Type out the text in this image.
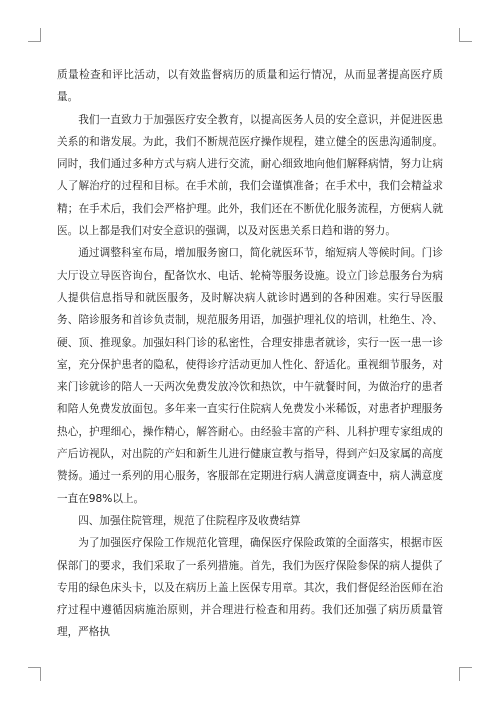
质量检查和评比活动，以有效监督病历的质量和运行情况，从而显著提高医疗质量。

我们一直致力于加强医疗安全教育，以提高医务人员的安全意识，并促进医患关系的和谐发展。为此，我们不断规范医疗操作规程，建立健全的医患沟通制度。同时，我们通过多种方式与病人进行交流，耐心细致地向他们解释病情，努力让病人了解治疗的过程和目标。在手术前，我们会谨慎准备；在手术中，我们会精益求精；在手术后，我们会严格护理。此外，我们还在不断优化服务流程，方便病人就医。以上都是我们对安全意识的强调，以及对医患关系日趋和谐的努力。

通过调整科室布局，增加服务窗口，简化就医环节，缩短病人等候时间。门诊大厅设立导医咨询台，配备饮水、电话、轮椅等服务设施。设立门诊总服务台为病人提供信息指导和就医服务，及时解决病人就诊时遇到的各种困难。实行导医服务、陪诊服务和首诊负责制，规范服务用语，加强护理礼仪的培训，杜绝生、冷、硬、顶、推现象。加强妇科门诊的私密性，合理安排患者就诊，实行一医一患一诊室，充分保护患者的隐私，使得诊疗活动更加人性化、舒适化。重视细节服务，对来门诊就诊的陪人一天两次免费发放冷饮和热饮，中午就餐时间，为做治疗的患者和陪人免费发放面包。多年来一直实行住院病人免费发小米稀饭，对患者护理服务热心，护理细心，操作精心，解答耐心。由经验丰富的产科、儿科护理专家组成的产后访视队，对出院的产妇和新生儿进行健康宣教与指导，得到产妇及家属的高度赞扬。通过一系列的用心服务，客服部在定期进行病人满意度调查中，病人满意度一直在98%以上。

四、加强住院管理，规范了住院程序及收费结算

为了加强医疗保险工作规范化管理，确保医疗保险政策的全面落实，根据市医保部门的要求，我们采取了一系列措施。首先，我们为医疗保险参保的病人提供了专用的绿色床头卡，以及在病历上盖上医保专用章。其次，我们督促经治医师在治疗过程中遵循因病施治原则，并合理进行检查和用药。我们还加强了病历质量管理，严格执
